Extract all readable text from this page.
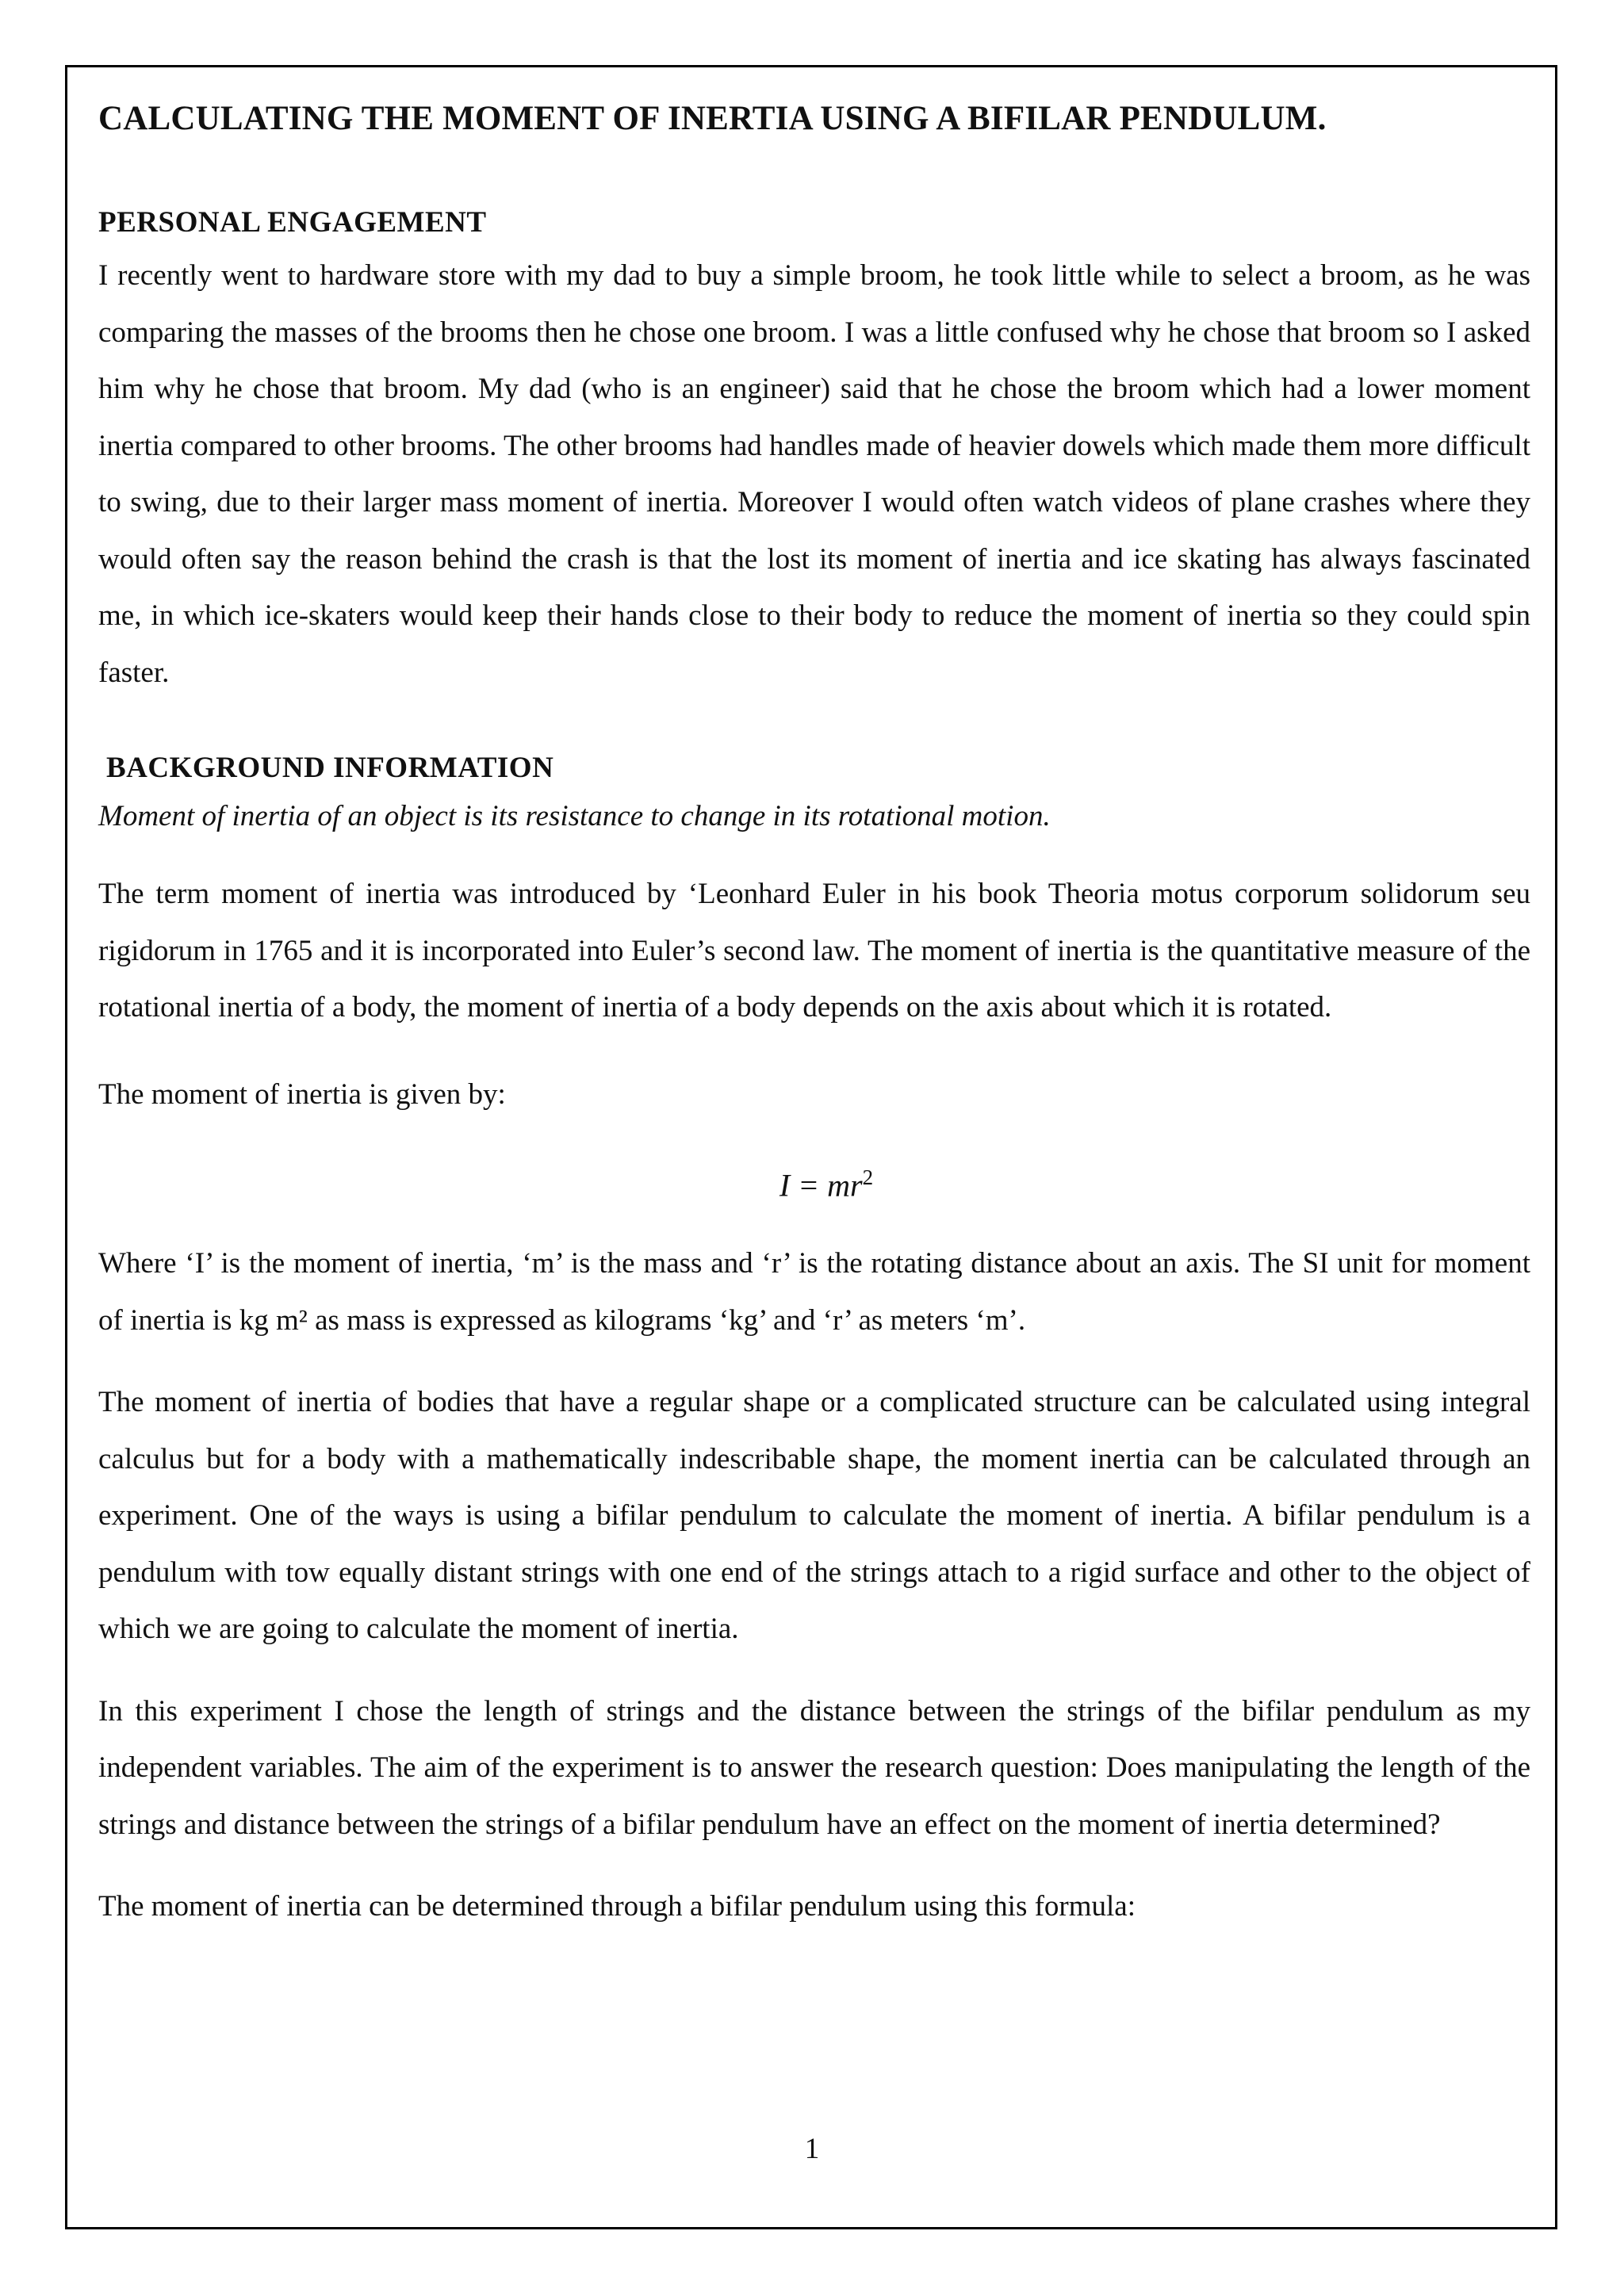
CALCULATING THE MOMENT OF INERTIA USING A BIFILAR PENDULUM.
PERSONAL ENGAGEMENT

I recently went to hardware store with my dad to buy a simple broom, he took little while to select a broom, as he was comparing the masses of the brooms then he chose one broom. I was a little confused why he chose that broom so I asked him why he chose that broom. My dad (who is an engineer) said that he chose the broom which had a lower moment inertia compared to other brooms. The other brooms had handles made of heavier dowels which made them more difficult to swing, due to their larger mass moment of inertia. Moreover I would often watch videos of plane crashes where they would often say the reason behind the crash is that the lost its moment of inertia and ice skating has always fascinated me, in which ice-skaters would keep their hands close to their body to reduce the moment of inertia so they could spin faster.

BACKGROUND INFORMATION

Moment of inertia of an object is its resistance to change in its rotational motion.

The term moment of inertia was introduced by ‘Leonhard Euler in his book Theoria motus corporum solidorum seu rigidorum in 1765 and it is incorporated into Euler’s second law. The moment of inertia is the quantitative measure of the rotational inertia of a body, the moment of inertia of a body depends on the axis about which it is rotated.

The moment of inertia is given by:

$I = mr^2$

Where ‘I’ is the moment of inertia, ‘m’ is the mass and ‘r’ is the rotating distance about an axis. The SI unit for moment of inertia is kg m² as mass is expressed as kilograms ‘kg’ and ‘r’ as meters ‘m’.

The moment of inertia of bodies that have a regular shape or a complicated structure can be calculated using integral calculus but for a body with a mathematically indescribable shape, the moment inertia can be calculated through an experiment. One of the ways is using a bifilar pendulum to calculate the moment of inertia. A bifilar pendulum is a pendulum with tow equally distant strings with one end of the strings attach to a rigid surface and other to the object of which we are going to calculate the moment of inertia.

In this experiment I chose the length of strings and the distance between the strings of the bifilar pendulum as my independent variables. The aim of the experiment is to answer the research question: Does manipulating the length of the strings and distance between the strings of a bifilar pendulum have an effect on the moment of inertia determined?

The moment of inertia can be determined through a bifilar pendulum using this formula:

1
